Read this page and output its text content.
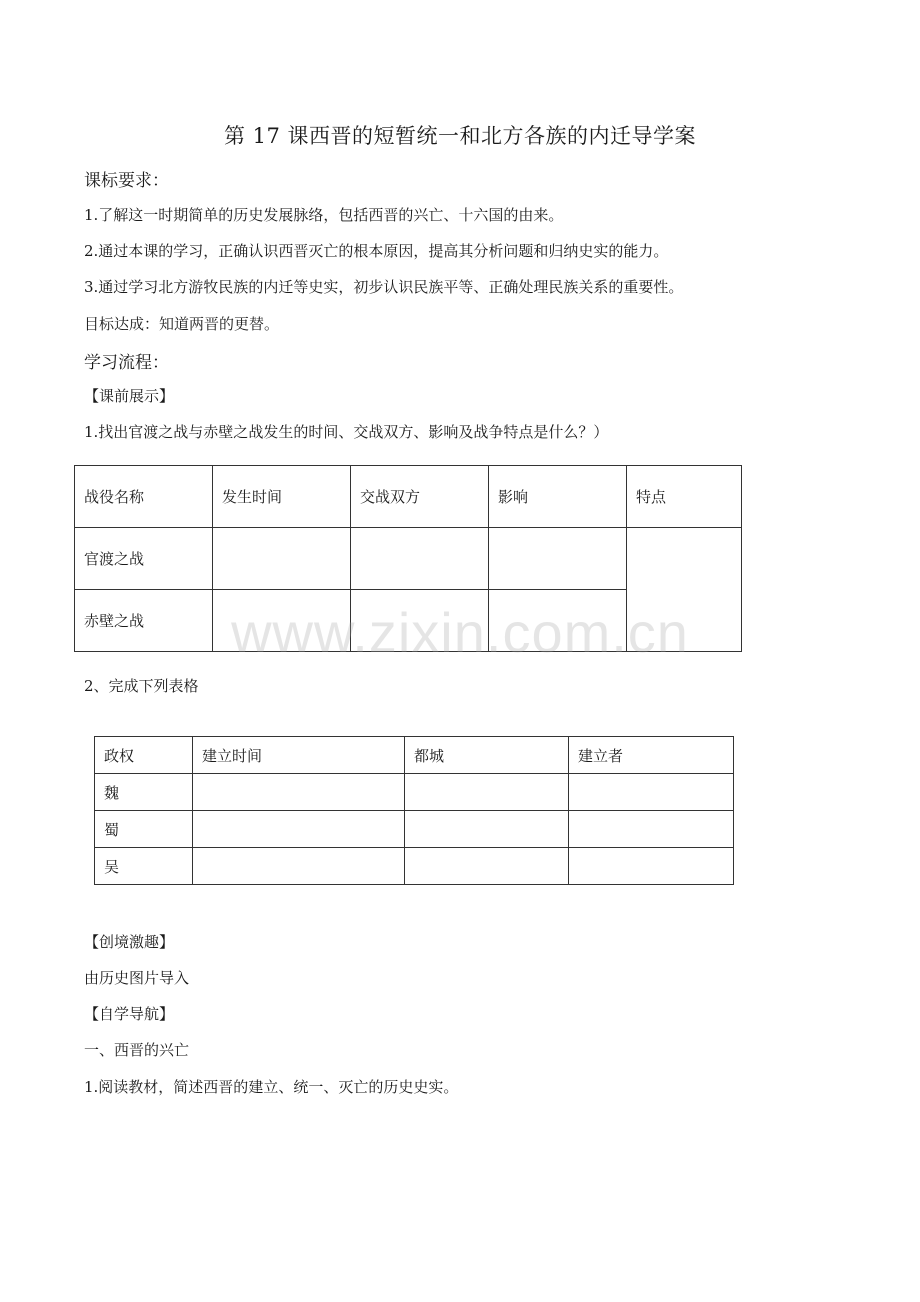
第 17 课西晋的短暂统一和北方各族的内迁导学案
课标要求：
1.了解这一时期简单的历史发展脉络，包括西晋的兴亡、十六国的由来。
2.通过本课的学习，正确认识西晋灭亡的根本原因，提高其分析问题和归纳史实的能力。
3.通过学习北方游牧民族的内迁等史实，初步认识民族平等、正确处理民族关系的重要性。
目标达成：知道两晋的更替。
学习流程：
【课前展示】
1.找出官渡之战与赤壁之战发生的时间、交战双方、影响及战争特点是什么？）
战役名称	发生时间	交战双方	影响	特点
官渡之战				
赤壁之战					www.zixin.com.cn
2、完成下列表格
政权	建立时间	都城	建立者
魏			
蜀			
吴			
【创境激趣】
由历史图片导入
【自学导航】
一、西晋的兴亡
1.阅读教材，简述西晋的建立、统一、灭亡的历史史实。
